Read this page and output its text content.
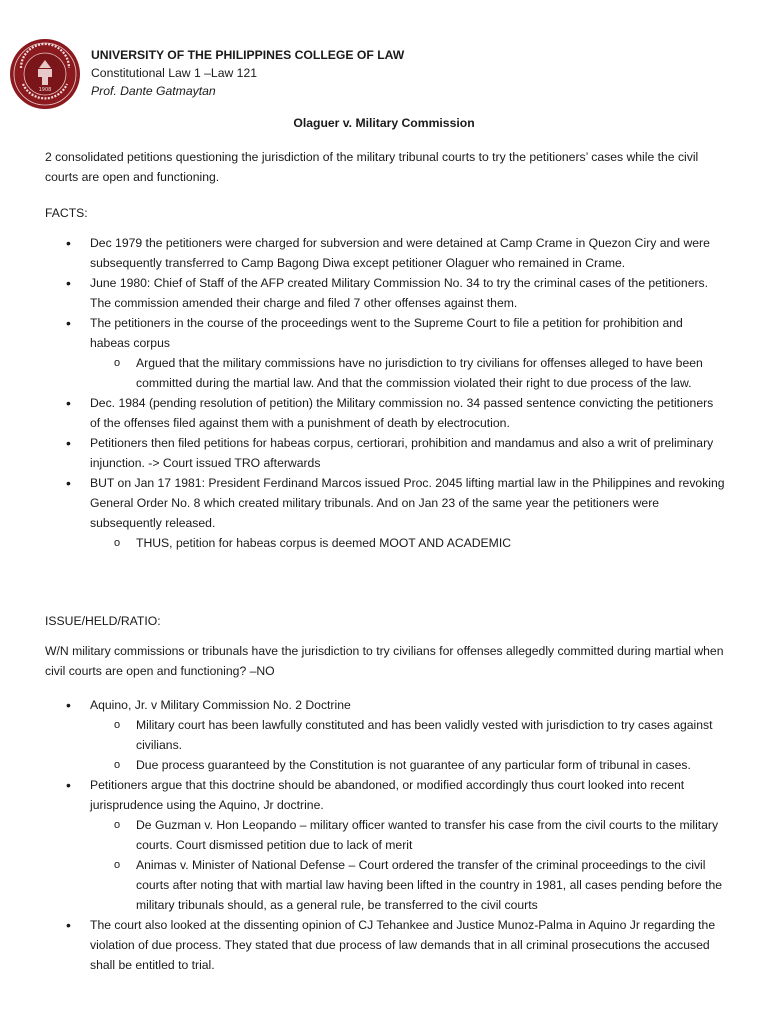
1908
UNIVERSITY OF THE PHILIPPINES COLLEGE OF LAW
Constitutional Law 1 –Law 121
Prof. Dante Gatmaytan
Olaguer v. Military Commission
2 consolidated petitions questioning the jurisdiction of the military tribunal courts to try the petitioners’ cases while the civil courts are open and functioning.
FACTS:
• Dec 1979 the petitioners were charged for subversion and were detained at Camp Crame in Quezon Ciry and were subsequently transferred to Camp Bagong Diwa except petitioner Olaguer who remained in Crame.
• June 1980: Chief of Staff of the AFP created Military Commission No. 34 to try the criminal cases of the petitioners. The commission amended their charge and filed 7 other offenses against them.
• The petitioners in the course of the proceedings went to the Supreme Court to file a petition for prohibition and habeas corpus
o Argued that the military commissions have no jurisdiction to try civilians for offenses alleged to have been committed during the martial law. And that the commission violated their right to due process of the law.
• Dec. 1984 (pending resolution of petition) the Military commission no. 34 passed sentence convicting the petitioners of the offenses filed against them with a punishment of death by electrocution.
• Petitioners then filed petitions for habeas corpus, certiorari, prohibition and mandamus and also a writ of preliminary injunction. -> Court issued TRO afterwards
• BUT on Jan 17 1981: President Ferdinand Marcos issued Proc. 2045 lifting martial law in the Philippines and revoking General Order No. 8 which created military tribunals. And on Jan 23 of the same year the petitioners were subsequently released.
o THUS, petition for habeas corpus is deemed MOOT AND ACADEMIC
ISSUE/HELD/RATIO:
W/N military commissions or tribunals have the jurisdiction to try civilians for offenses allegedly committed during martial when civil courts are open and functioning? –NO
• Aquino, Jr. v Military Commission No. 2 Doctrine
o Military court has been lawfully constituted and has been validly vested with jurisdiction to try cases against civilians.
o Due process guaranteed by the Constitution is not guarantee of any particular form of tribunal in cases.
• Petitioners argue that this doctrine should be abandoned, or modified accordingly thus court looked into recent jurisprudence using the Aquino, Jr doctrine.
o De Guzman v. Hon Leopando – military officer wanted to transfer his case from the civil courts to the military courts. Court dismissed petition due to lack of merit
o Animas v. Minister of National Defense – Court ordered the transfer of the criminal proceedings to the civil courts after noting that with martial law having been lifted in the country in 1981, all cases pending before the military tribunals should, as a general rule, be transferred to the civil courts
• The court also looked at the dissenting opinion of CJ Tehankee and Justice Munoz-Palma in Aquino Jr regarding the violation of due process. They stated that due process of law demands that in all criminal prosecutions the accused shall be entitled to trial.
